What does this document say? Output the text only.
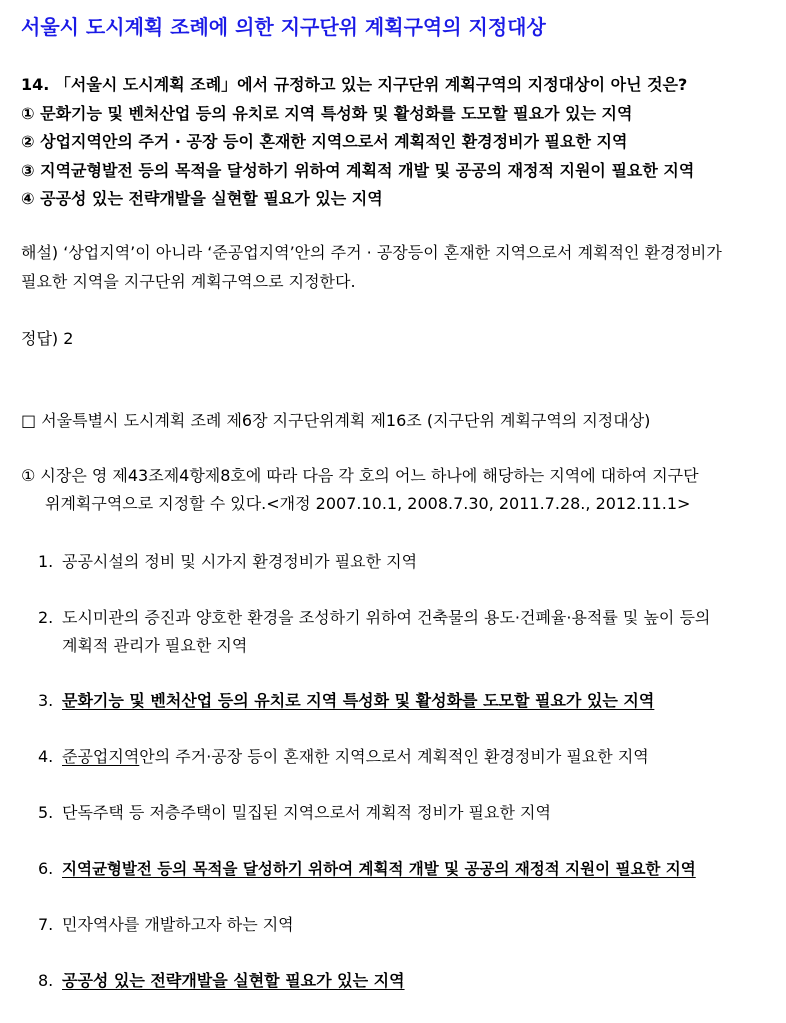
서울시 도시계획 조례에 의한 지구단위 계획구역의 지정대상
14. 「서울시 도시계획 조례」에서 규정하고 있는 지구단위 계획구역의 지정대상이 아닌 것은?
① 문화기능 및 벤처산업 등의 유치로 지역 특성화 및 활성화를 도모할 필요가 있는 지역
② 상업지역안의 주거 · 공장 등이 혼재한 지역으로서 계획적인 환경정비가 필요한 지역
③ 지역균형발전 등의 목적을 달성하기 위하여 계획적 개발 및 공공의 재정적 지원이 필요한 지역
④ 공공성 있는 전략개발을 실현할 필요가 있는 지역
해설) ‘상업지역’이 아니라 ‘준공업지역’안의 주거 · 공장등이 혼재한 지역으로서 계획적인 환경정비가
필요한 지역을 지구단위 계획구역으로 지정한다.
정답) 2
□ 서울특별시 도시계획 조례 제6장 지구단위계획 제16조 (지구단위 계획구역의 지정대상)
① 시장은 영 제43조제4항제8호에 따라 다음 각 호의 어느 하나에 해당하는 지역에 대하여 지구단
위계획구역으로 지정할 수 있다.<개정 2007.10.1, 2008.7.30, 2011.7.28., 2012.11.1>
1. 공공시설의 정비 및 시가지 환경정비가 필요한 지역
2. 도시미관의 증진과 양호한 환경을 조성하기 위하여 건축물의 용도·건폐율·용적률 및 높이 등의
계획적 관리가 필요한 지역
3. 문화기능 및 벤처산업 등의 유치로 지역 특성화 및 활성화를 도모할 필요가 있는 지역
4. 준공업지역안의 주거·공장 등이 혼재한 지역으로서 계획적인 환경정비가 필요한 지역
5. 단독주택 등 저층주택이 밀집된 지역으로서 계획적 정비가 필요한 지역
6. 지역균형발전 등의 목적을 달성하기 위하여 계획적 개발 및 공공의 재정적 지원이 필요한 지역
7. 민자역사를 개발하고자 하는 지역
8. 공공성 있는 전략개발을 실현할 필요가 있는 지역
